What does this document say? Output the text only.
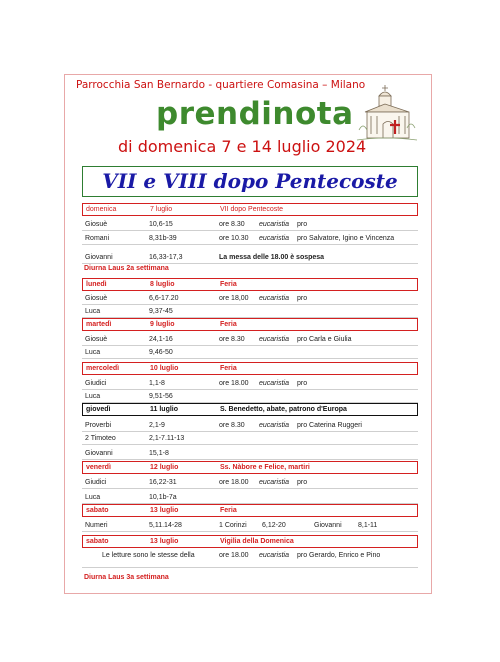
Parrocchia San Bernardo - quartiere Comasina – Milano
prendinota
di domenica 7 e 14 luglio 2024
VII e VIII dopo Pentecoste
domenica	7 luglio	VII dopo Pentecoste
Giosuè	10,6-15	ore 8.30 eucaristia pro
Romani	8,31b-39	ore 10.30 eucaristia pro Salvatore, Igino e Vincenza
Giovanni	16,33-17,3	La messa delle 18.00 è sospesa
Diurna Laus 2a settimana
lunedì	8 luglio	Feria
Giosuè	6,6-17.20	ore 18,00 eucaristia pro
Luca	9,37-45
martedì	9 luglio	Feria
Giosuè	24,1-16	ore 8.30 eucaristia pro Carla e Giulia
Luca	9,46-50
mercoledì	10 luglio	Feria
Giudici	1,1-8	ore 18.00 eucaristia pro
Luca	9,51-56
giovedì	11 luglio	S. Benedetto, abate, patrono d'Europa
Proverbi	2,1-9	ore 8.30 eucaristia pro Caterina Ruggeri
2 Timoteo	2,1-7.11-13
Giovanni	15,1-8
venerdì	12 luglio	Ss. Nàbore e Felice, martiri
Giudici	16,22-31	ore 18.00 eucaristia pro
Luca	10,1b-7a
sabato	13 luglio	Feria
Numeri	5,11.14-28	1 Corinzi 6,12-20	Giovanni 8,1-11
sabato	13 luglio	Vigilia della Domenica
Le letture sono le stesse della	ore 18.00 eucaristia pro Gerardo, Enrico e Pino
domenica
Diurna Laus 3a settimana
